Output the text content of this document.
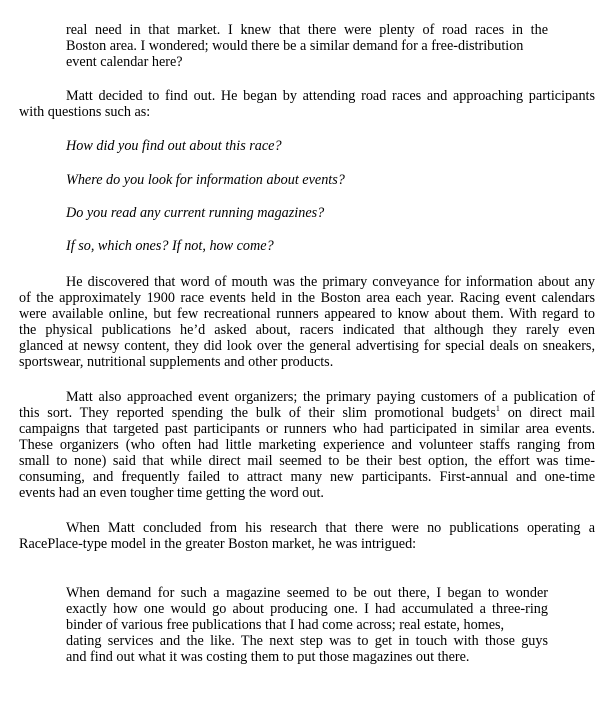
real need in that market. I knew that there were plenty of road races in the
Boston area. I wondered; would there be a similar demand for a free-distribution
event calendar here?
Matt decided to find out. He began by attending road races and approaching participants
with questions such as:
How did you find out about this race?
Where do you look for information about events?
Do you read any current running magazines?
If so, which ones? If not, how come?
He discovered that word of mouth was the primary conveyance for information about any
of the approximately 1900 race events held in the Boston area each year. Racing event calendars
were available online, but few recreational runners appeared to know about them. With regard to
the physical publications he’d asked about, racers indicated that although they rarely even
glanced at newsy content, they did look over the general advertising for special deals on sneakers,
sportswear, nutritional supplements and other products.
Matt also approached event organizers; the primary paying customers of a publication of
this sort. They reported spending the bulk of their slim promotional budgets$^1$ on direct mail
campaigns that targeted past participants or runners who had participated in similar area events.
These organizers (who often had little marketing experience and volunteer staffs ranging from
small to none) said that while direct mail seemed to be their best option, the effort was time-
consuming, and frequently failed to attract many new participants. First-annual and one-time
events had an even tougher time getting the word out.
When Matt concluded from his research that there were no publications operating a
RacePlace-type model in the greater Boston market, he was intrigued:
When demand for such a magazine seemed to be out there, I began to wonder
exactly how one would go about producing one. I had accumulated a three-ring
binder of various free publications that I had come across; real estate, homes,
dating services and the like. The next step was to get in touch with those guys
and find out what it was costing them to put those magazines out there.
